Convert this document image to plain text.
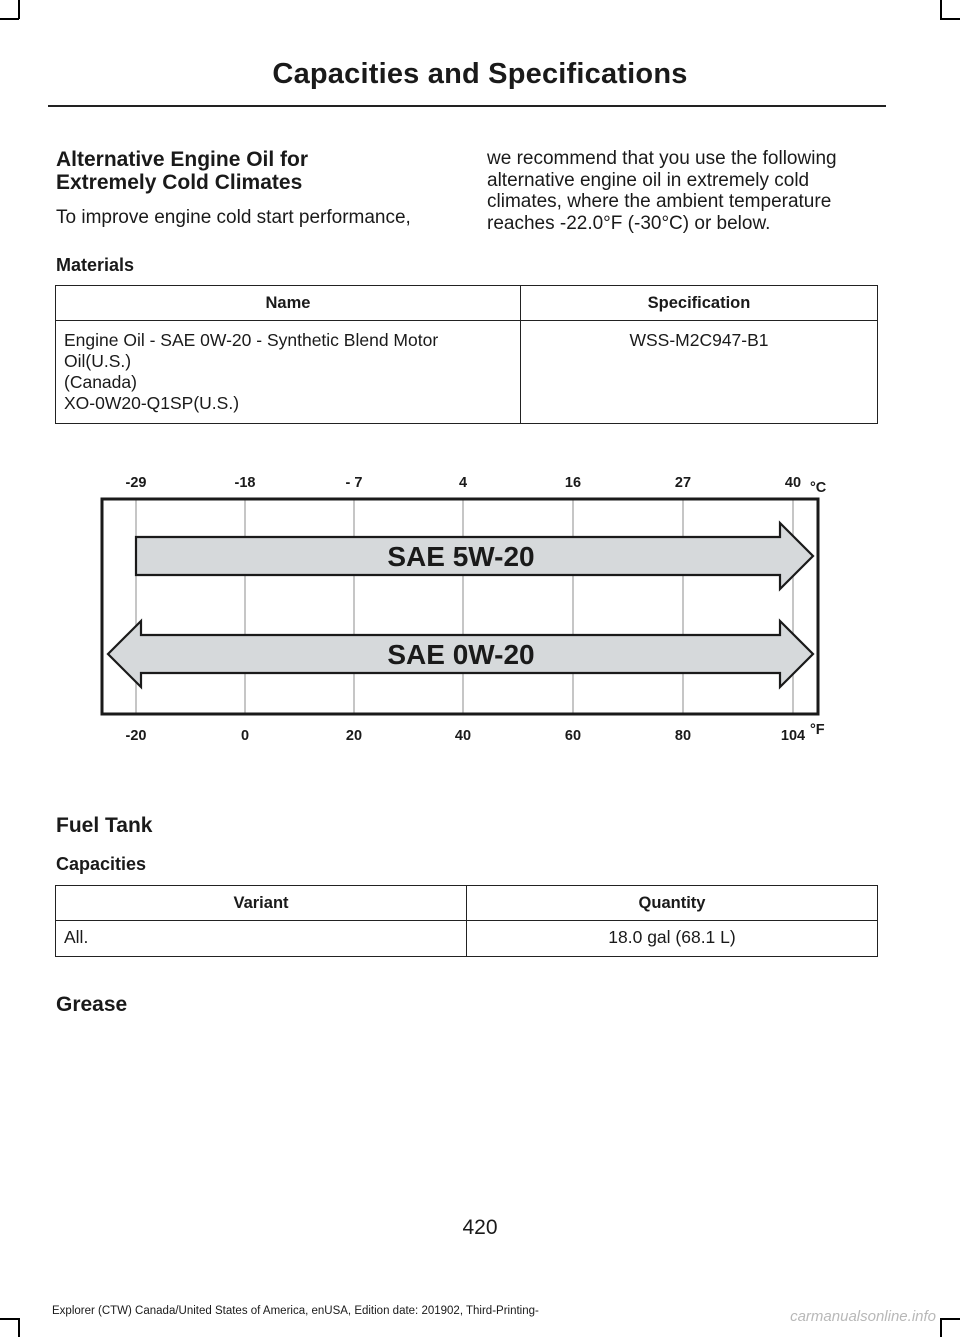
Capacities and Specifications
Alternative Engine Oil for
Extremely Cold Climates
To improve engine cold start performance,
we recommend that you use the following
alternative engine oil in extremely cold
climates, where the ambient temperature
reaches -22.0°F (-30°C) or below.
Materials
Name	Specification

Engine Oil - SAE 0W-20 - Synthetic Blend Motor
Oil(U.S.)
(Canada)
XO-0W20-Q1SP(U.S.)	WSS-M2C947-B1
-29	-18	- 7	4	16	27	40 °C
-20	0	20	40	60	80	104 °F
SAE 5W-20
SAE 0W-20
Fuel Tank
Capacities
Variant	Quantity
All.	18.0 gal (68.1 L)
Grease
420
Explorer (CTW) Canada/United States of America, enUSA, Edition date: 201902, Third-Printing-	carmanualsonline.info
